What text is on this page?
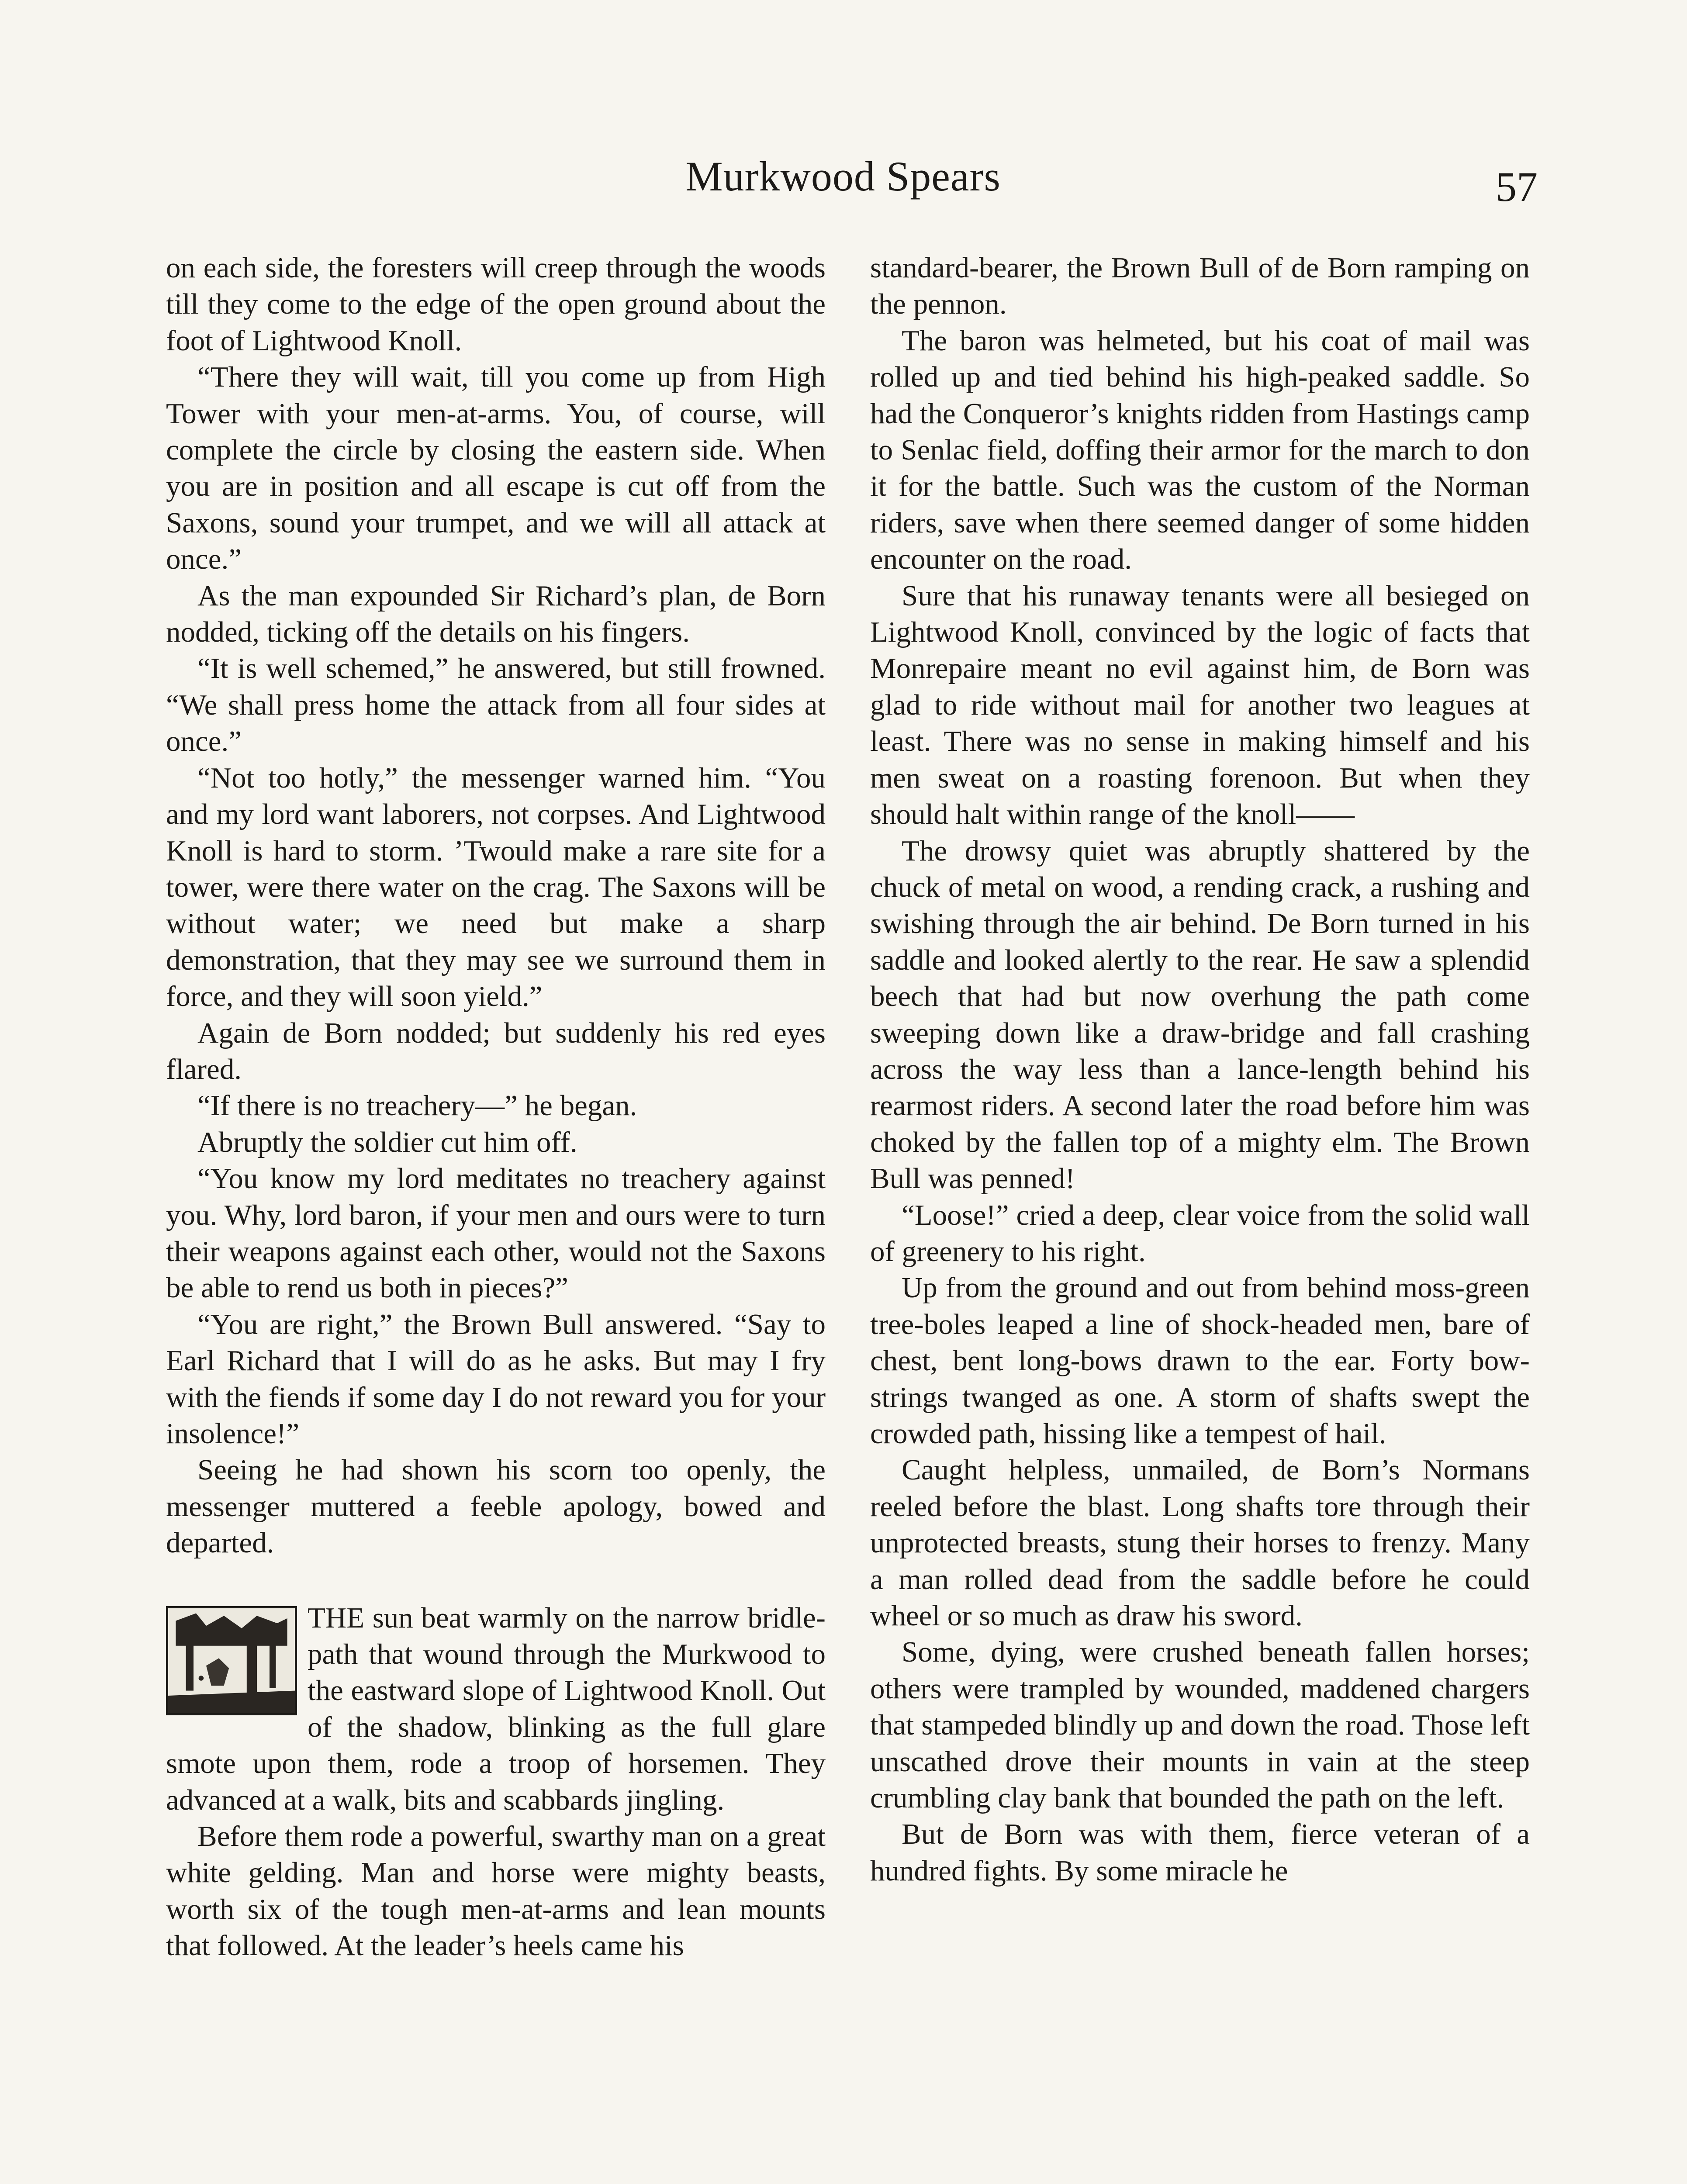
Murkwood Spears	57

on each side, the foresters will creep through the woods till they come to the edge of the open ground about the foot of Lightwood Knoll.

“There they will wait, till you come up from High Tower with your men-at-arms. You, of course, will complete the circle by closing the eastern side. When you are in position and all escape is cut off from the Saxons, sound your trumpet, and we will all attack at once.”

As the man expounded Sir Richard’s plan, de Born nodded, ticking off the details on his fingers.

“It is well schemed,” he answered, but still frowned. “We shall press home the attack from all four sides at once.”

“Not too hotly,” the messenger warned him. “You and my lord want laborers, not corpses. And Lightwood Knoll is hard to storm. ’Twould make a rare site for a tower, were there water on the crag. The Saxons will be without water; we need but make a sharp demonstration, that they may see we surround them in force, and they will soon yield.”

Again de Born nodded; but suddenly his red eyes flared.

“If there is no treachery—” he began.

Abruptly the soldier cut him off.

“You know my lord meditates no treachery against you. Why, lord baron, if your men and ours were to turn their weapons against each other, would not the Saxons be able to rend us both in pieces?”

“You are right,” the Brown Bull answered. “Say to Earl Richard that I will do as he asks. But may I fry with the fiends if some day I do not reward you for your insolence!”

Seeing he had shown his scorn too openly, the messenger muttered a feeble apology, bowed and departed.

THE sun beat warmly on the narrow bridle-path that wound through the Murkwood to the eastward slope of Lightwood Knoll. Out of the shadow, blinking as the full glare smote upon them, rode a troop of horsemen. They advanced at a walk, bits and scabbards jingling.

Before them rode a powerful, swarthy man on a great white gelding. Man and horse were mighty beasts, worth six of the tough men-at-arms and lean mounts that followed. At the leader’s heels came his

standard-bearer, the Brown Bull of de Born ramping on the pennon.

The baron was helmeted, but his coat of mail was rolled up and tied behind his high-peaked saddle. So had the Conqueror’s knights ridden from Hastings camp to Senlac field, doffing their armor for the march to don it for the battle. Such was the custom of the Norman riders, save when there seemed danger of some hidden encounter on the road.

Sure that his runaway tenants were all besieged on Lightwood Knoll, convinced by the logic of facts that Monrepaire meant no evil against him, de Born was glad to ride without mail for another two leagues at least. There was no sense in making himself and his men sweat on a roasting forenoon. But when they should halt within range of the knoll——

The drowsy quiet was abruptly shattered by the chuck of metal on wood, a rending crack, a rushing and swishing through the air behind. De Born turned in his saddle and looked alertly to the rear. He saw a splendid beech that had but now overhung the path come sweeping down like a draw-bridge and fall crashing across the way less than a lance-length behind his rearmost riders. A second later the road before him was choked by the fallen top of a mighty elm. The Brown Bull was penned!

“Loose!” cried a deep, clear voice from the solid wall of greenery to his right.

Up from the ground and out from behind moss-green tree-boles leaped a line of shock-headed men, bare of chest, bent long-bows drawn to the ear. Forty bow-strings twanged as one. A storm of shafts swept the crowded path, hissing like a tempest of hail.

Caught helpless, unmailed, de Born’s Normans reeled before the blast. Long shafts tore through their unprotected breasts, stung their horses to frenzy. Many a man rolled dead from the saddle before he could wheel or so much as draw his sword.

Some, dying, were crushed beneath fallen horses; others were trampled by wounded, maddened chargers that stampeded blindly up and down the road. Those left unscathed drove their mounts in vain at the steep crumbling clay bank that bounded the path on the left.

But de Born was with them, fierce veteran of a hundred fights. By some miracle he
